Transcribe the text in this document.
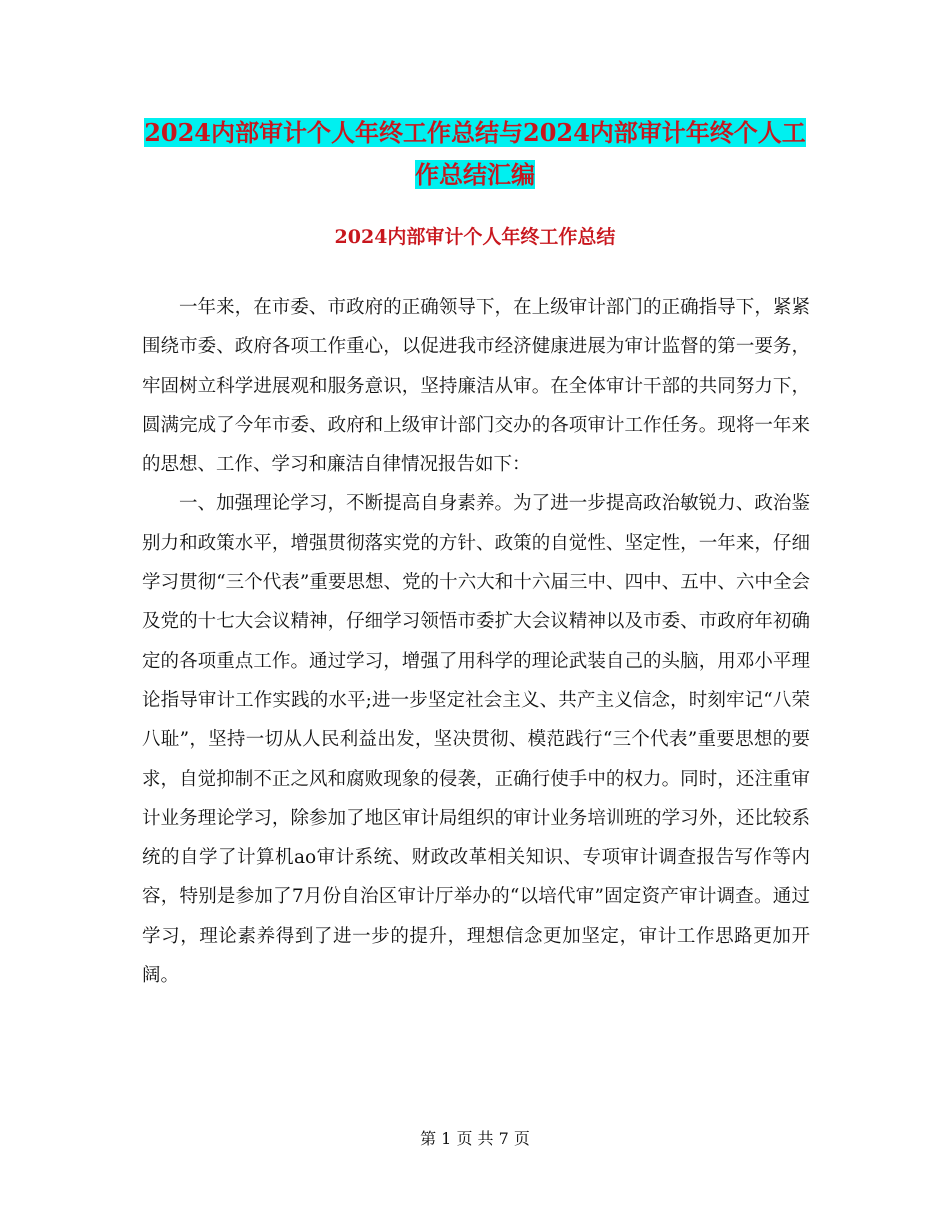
2024内部审计个人年终工作总结与2024内部审计年终个人工作总结汇编
2024内部审计个人年终工作总结

一年来，在市委、市政府的正确领导下，在上级审计部门的正确指导下，紧紧围绕市委、政府各项工作重心，以促进我市经济健康进展为审计监督的第一要务，牢固树立科学进展观和服务意识，坚持廉洁从审。在全体审计干部的共同努力下，圆满完成了今年市委、政府和上级审计部门交办的各项审计工作任务。现将一年来的思想、工作、学习和廉洁自律情况报告如下：

一、加强理论学习，不断提高自身素养。为了进一步提高政治敏锐力、政治鉴别力和政策水平，增强贯彻落实党的方针、政策的自觉性、坚定性，一年来，仔细学习贯彻“三个代表”重要思想、党的十六大和十六届三中、四中、五中、六中全会及党的十七大会议精神，仔细学习领悟市委扩大会议精神以及市委、市政府年初确定的各项重点工作。通过学习，增强了用科学的理论武装自己的头脑，用邓小平理论指导审计工作实践的水平;进一步坚定社会主义、共产主义信念，时刻牢记“八荣八耻”，坚持一切从人民利益出发，坚决贯彻、模范践行“三个代表”重要思想的要求，自觉抑制不正之风和腐败现象的侵袭，正确行使手中的权力。同时，还注重审计业务理论学习，除参加了地区审计局组织的审计业务培训班的学习外，还比较系统的自学了计算机ao审计系统、财政改革相关知识、专项审计调查报告写作等内容，特别是参加了7月份自治区审计厅举办的“以培代审”固定资产审计调查。通过学习，理论素养得到了进一步的提升，理想信念更加坚定，审计工作思路更加开阔。

第 1 页 共 7 页
